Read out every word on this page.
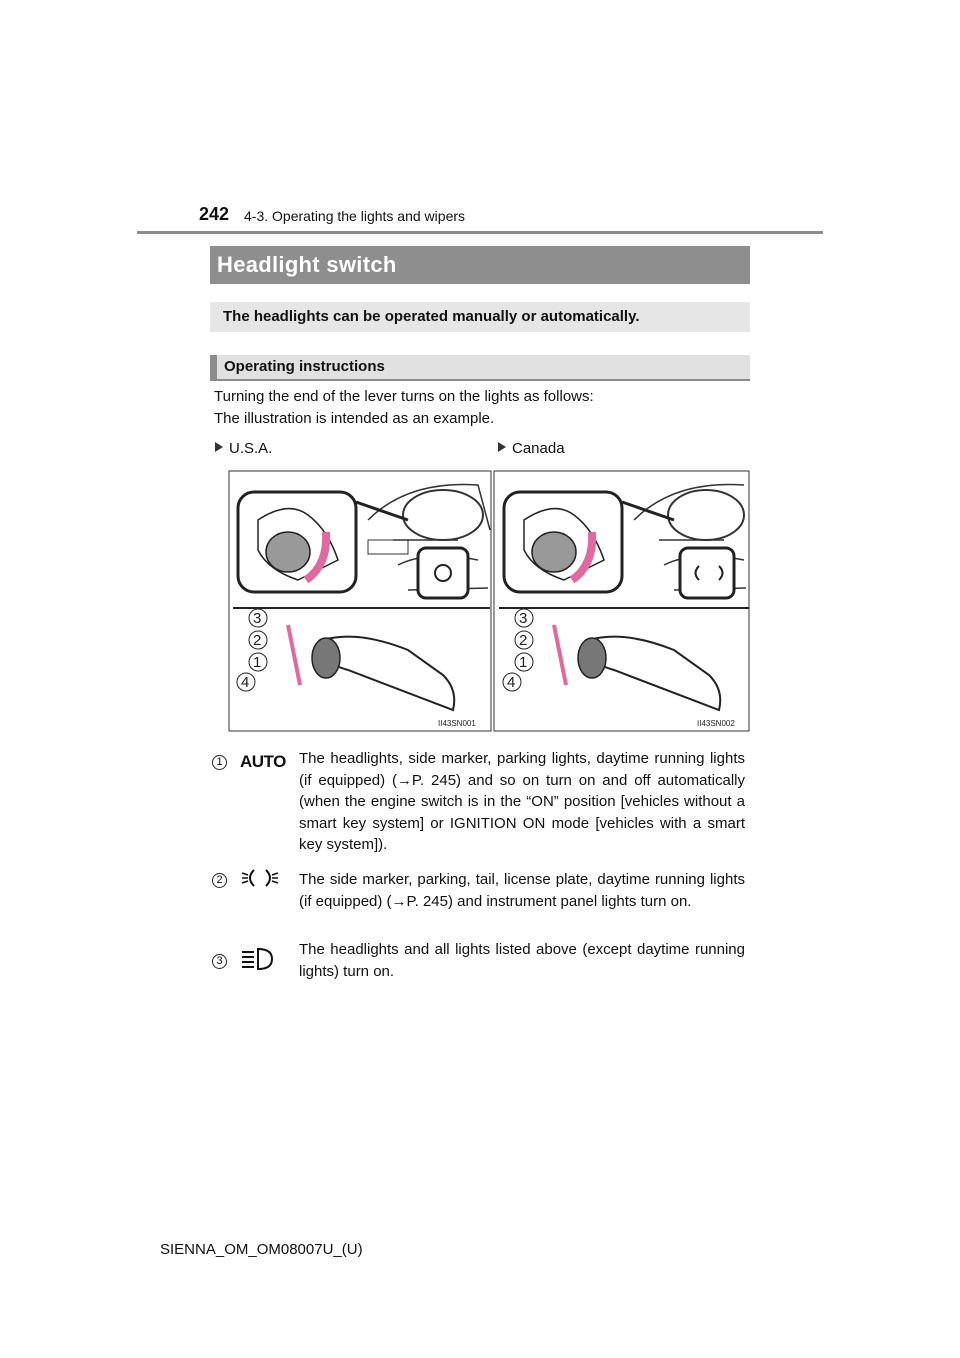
242 4-3. Operating the lights and wipers
Headlight switch
The headlights can be operated manually or automatically.
Operating instructions
Turning the end of the lever turns on the lights as follows:
The illustration is intended as an example.
U.S.A.	Canada
3
2
1
4
II43SN001
3
2
1
4
II43SN002
1 AUTO The headlights, side marker, parking lights, daytime running lights (if equipped) (→P. 245) and so on turn on and off automatically (when the engine switch is in the “ON” position [vehicles without a smart key system] or IGNITION ON mode [vehicles with a smart key system]).
2	The side marker, parking, tail, license plate, daytime running lights (if equipped) (→P. 245) and instrument panel lights turn on.
3
The headlights and all lights listed above (except daytime running lights) turn on.
SIENNA_OM_OM08007U_(U)
